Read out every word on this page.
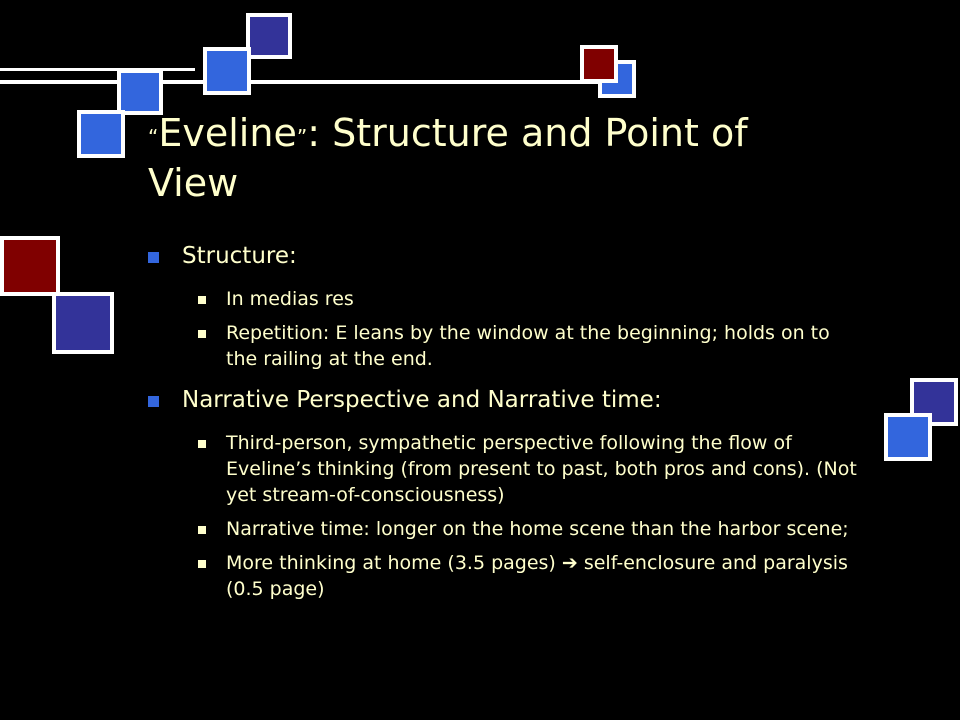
“Eveline”: Structure and Point of View
Structure:
In medias res
Repetition: E leans by the window at the beginning; holds on to the railing at the end.
Narrative Perspective and Narrative time:
Third-person, sympathetic perspective following the flow of Eveline’s thinking (from present to past, both pros and cons). (Not yet stream-of-consciousness)
Narrative time: longer on the home scene than the harbor scene;
More thinking at home (3.5 pages) ➔ self-enclosure and paralysis (0.5 page)
